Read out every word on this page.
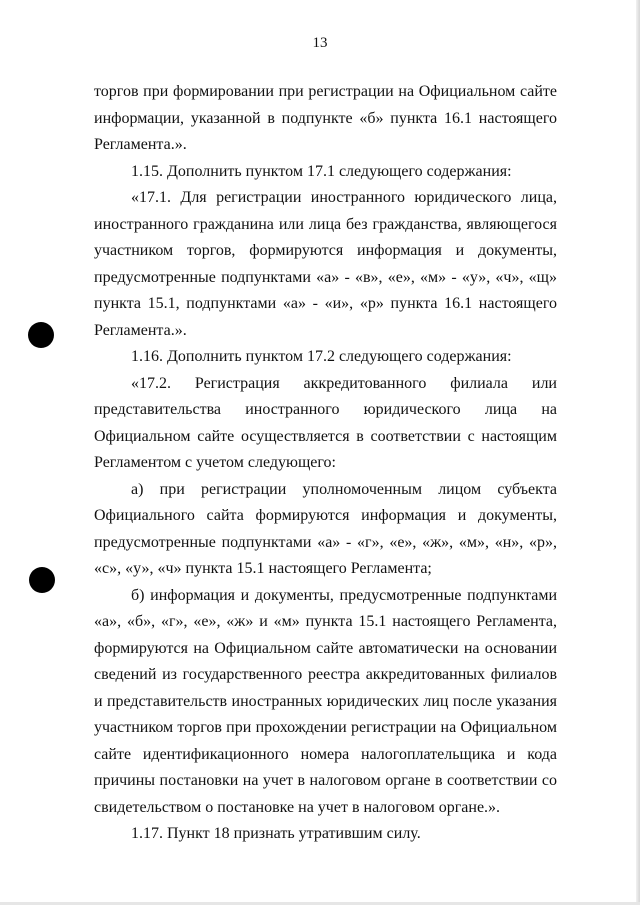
13

торгов при формировании при регистрации на Официальном сайте информации, указанной в подпункте «б» пункта 16.1 настоящего Регламента.».

1.15. Дополнить пунктом 17.1 следующего содержания:

«17.1. Для регистрации иностранного юридического лица, иностранного гражданина или лица без гражданства, являющегося участником торгов, формируются информация и документы, предусмотренные подпунктами «а» - «в», «е», «м» - «у», «ч», «щ» пункта 15.1, подпунктами «а» - «и», «р» пункта 16.1 настоящего Регламента.».

1.16. Дополнить пунктом 17.2 следующего содержания:

«17.2. Регистрация аккредитованного филиала или представительства иностранного юридического лица на Официальном сайте осуществляется в соответствии с настоящим Регламентом с учетом следующего:

а) при регистрации уполномоченным лицом субъекта Официального сайта формируются информация и документы, предусмотренные подпунктами «а» - «г», «е», «ж», «м», «н», «р», «с», «у», «ч» пункта 15.1 настоящего Регламента;

б) информация и документы, предусмотренные подпунктами «а», «б», «г», «е», «ж» и «м» пункта 15.1 настоящего Регламента, формируются на Официальном сайте автоматически на основании сведений из государственного реестра аккредитованных филиалов и представительств иностранных юридических лиц после указания участником торгов при прохождении регистрации на Официальном сайте идентификационного номера налогоплательщика и кода причины постановки на учет в налоговом органе в соответствии со свидетельством о постановке на учет в налоговом органе.».

1.17. Пункт 18 признать утратившим силу.
